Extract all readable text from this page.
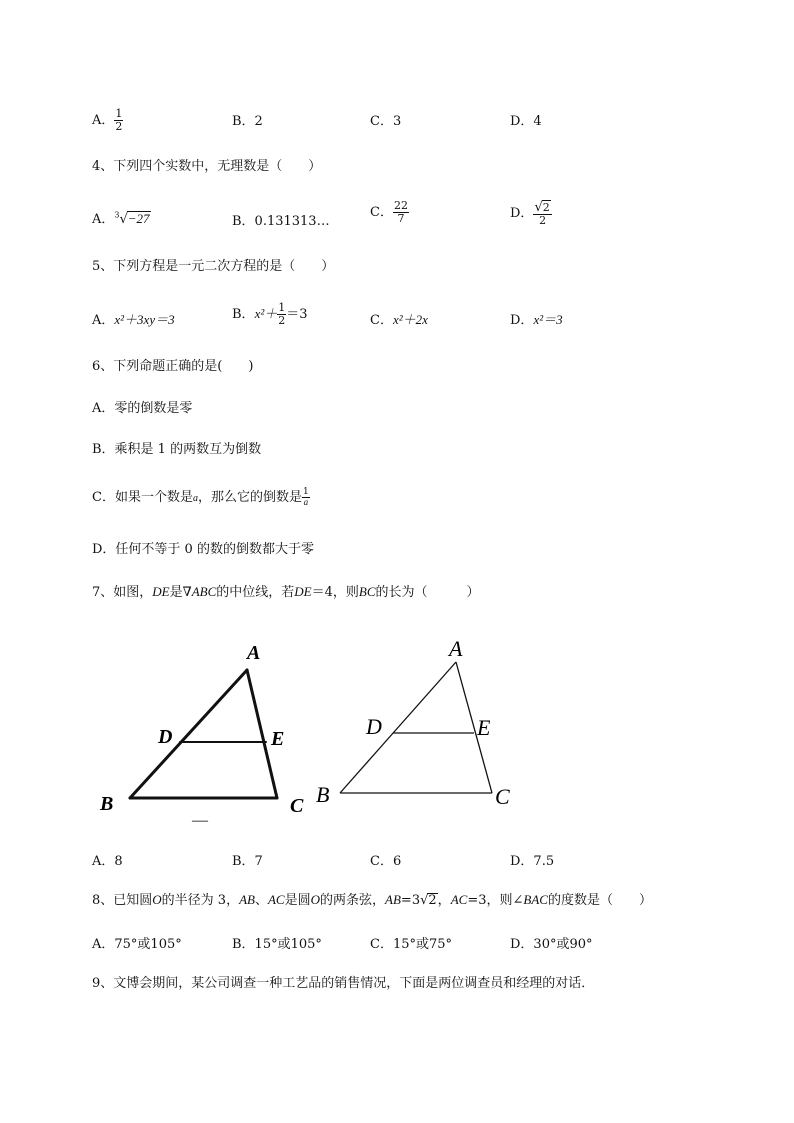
A． $\frac{1}{2}$	B．2	C．3	D．4
4、下列四个实数中，无理数是（　　）
A．$^3$√−27	B．0.131313…
C． $\frac{22}{7}$	D． $\frac{√2}{2}$
5、下列方程是一元二次方程的是（　　）
A．x²＋3xy＝3	B．$x^2+ \frac{1}{2} =3$	C．x²＋2x	D．x²＝3
6、下列命题正确的是(　　)
A．零的倒数是零
B．乘积是 1 的两数互为倒数
C．如果一个数是a，那么它的倒数是 $\frac{1}{a}$
D．任何不等于 0 的数的倒数都大于零
7、如图，DE是∇ABC的中位线，若DE＝4，则BC的长为（　　　）
A
D	E
B	C
—
A
D	E
B	C
A．8	B．7	C．6	D．7.5
8、已知圆O的半径为 3，AB、AC是圆O的两条弦，AB=3√2，AC=3，则∠BAC的度数是（　　）
A．75°或105°	B．15°或105°	C．15°或75°	D．30°或90°
9、文博会期间，某公司调查一种工艺品的销售情况，下面是两位调查员和经理的对话．
